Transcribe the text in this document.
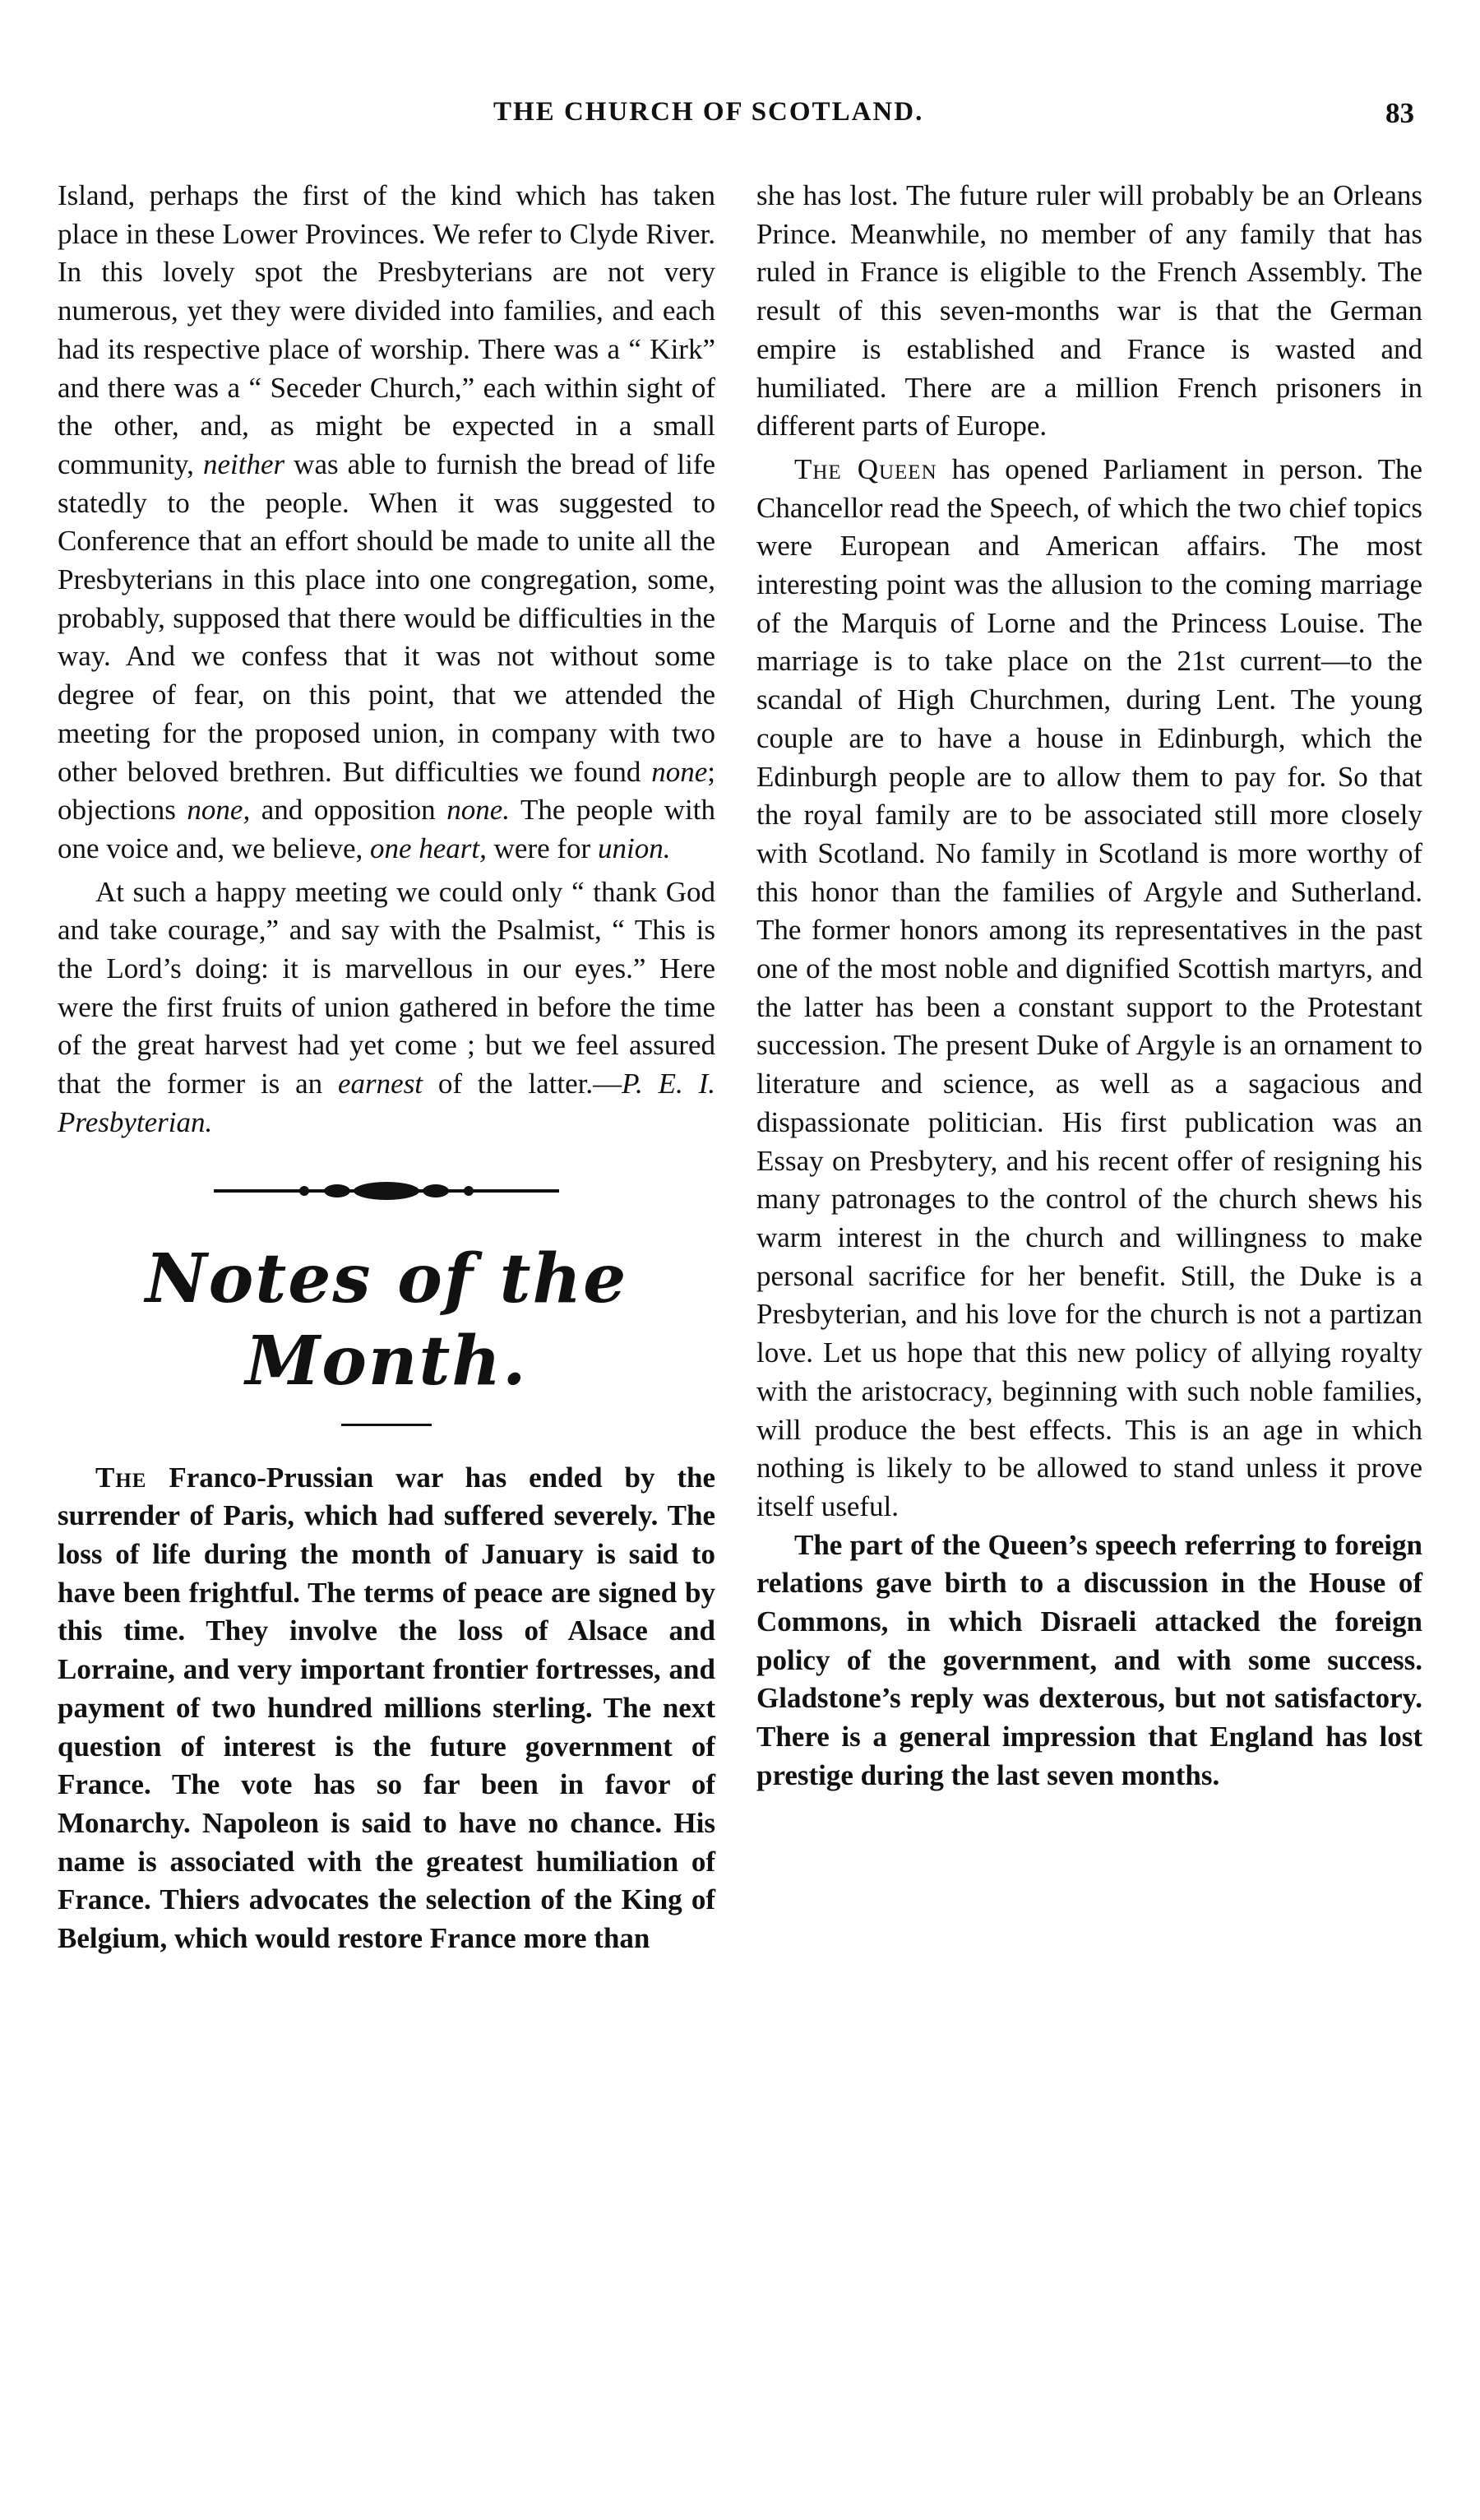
THE CHURCH OF SCOTLAND.	83

Island, perhaps the first of the kind which has taken place in these Lower Provinces. We refer to Clyde River. In this lovely spot the Presbyterians are not very numerous, yet they were divided into families, and each had its respective place of worship. There was a “ Kirk” and there was a “ Seceder Church,” each within sight of the other, and, as might be expected in a small community, neither was able to furnish the bread of life statedly to the people. When it was suggested to Conference that an effort should be made to unite all the Presbyterians in this place into one congregation, some, probably, supposed that there would be difficulties in the way. And we confess that it was not without some degree of fear, on this point, that we attended the meeting for the proposed union, in company with two other beloved brethren. But difficulties we found none; objections none, and opposition none. The people with one voice and, we believe, one heart, were for union.

At such a happy meeting we could only “ thank God and take courage,” and say with the Psalmist, “ This is the Lord’s doing: it is marvellous in our eyes.” Here were the first fruits of union gathered in before the time of the great harvest had yet come ; but we feel assured that the former is an earnest of the latter.—P. E. I. Presbyterian.

Notes of the Month.

The Franco-Prussian war has ended by the surrender of Paris, which had suffered severely. The loss of life during the month of January is said to have been frightful. The terms of peace are signed by this time. They involve the loss of Alsace and Lorraine, and very important frontier fortresses, and payment of two hundred millions sterling. The next question of interest is the future government of France. The vote has so far been in favor of Monarchy. Napoleon is said to have no chance. His name is associated with the greatest humiliation of France. Thiers advocates the selection of the King of Belgium, which would restore France more than

she has lost. The future ruler will probably be an Orleans Prince. Meanwhile, no member of any family that has ruled in France is eligible to the French Assembly. The result of this seven-months war is that the German empire is established and France is wasted and humiliated. There are a million French prisoners in different parts of Europe.

The Queen has opened Parliament in person. The Chancellor read the Speech, of which the two chief topics were European and American affairs. The most interesting point was the allusion to the coming marriage of the Marquis of Lorne and the Princess Louise. The marriage is to take place on the 21st current—to the scandal of High Churchmen, during Lent. The young couple are to have a house in Edinburgh, which the Edinburgh people are to allow them to pay for. So that the royal family are to be associated still more closely with Scotland. No family in Scotland is more worthy of this honor than the families of Argyle and Sutherland. The former honors among its representatives in the past one of the most noble and dignified Scottish martyrs, and the latter has been a constant support to the Protestant succession. The present Duke of Argyle is an ornament to literature and science, as well as a sagacious and dispassionate politician. His first publication was an Essay on Presbytery, and his recent offer of resigning his many patronages to the control of the church shews his warm interest in the church and willingness to make personal sacrifice for her benefit. Still, the Duke is a Presbyterian, and his love for the church is not a partizan love. Let us hope that this new policy of allying royalty with the aristocracy, beginning with such noble families, will produce the best effects. This is an age in which nothing is likely to be allowed to stand unless it prove itself useful.

The part of the Queen’s speech referring to foreign relations gave birth to a discussion in the House of Commons, in which Disraeli attacked the foreign policy of the government, and with some success. Gladstone’s reply was dexterous, but not satisfactory. There is a general impression that England has lost prestige during the last seven months.
